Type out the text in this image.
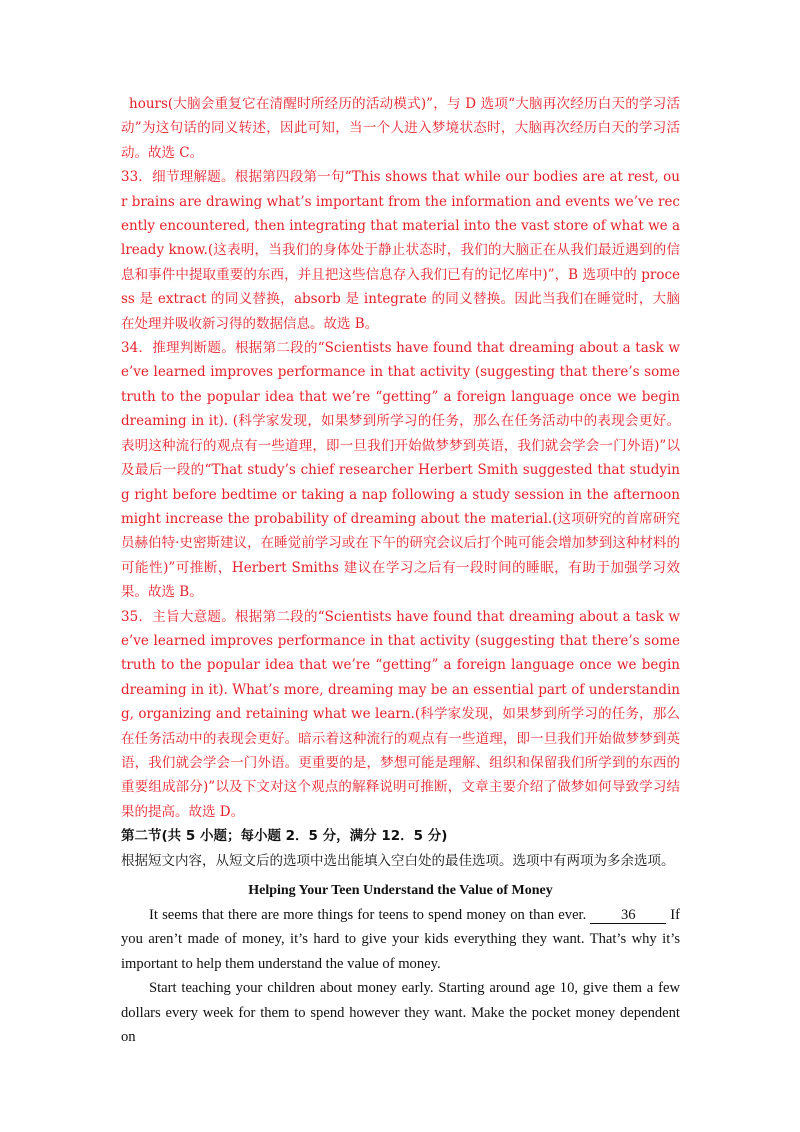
hours(大脑会重复它在清醒时所经历的活动模式)”，与 D 选项“大脑再次经历白天的学习活动”为这句话的同义转述，因此可知，当一个人进入梦境状态时，大脑再次经历白天的学习活动。故选 C。

33．细节理解题。根据第四段第一句“This shows that while our bodies are at rest, our brains are drawing what’s important from the information and events we’ve recently encountered, then integrating that material into the vast store of what we already know.(这表明，当我们的身体处于静止状态时，我们的大脑正在从我们最近遇到的信息和事件中提取重要的东西，并且把这些信息存入我们已有的记忆库中)”，B 选项中的 process 是 extract 的同义替换，absorb 是 integrate 的同义替换。因此当我们在睡觉时，大脑在处理并吸收新习得的数据信息。故选 B。

34．推理判断题。根据第二段的“Scientists have found that dreaming about a task we’ve learned improves performance in that activity (suggesting that there’s some truth to the popular idea that we’re “getting” a foreign language once we begin dreaming in it). (科学家发现，如果梦到所学习的任务，那么在任务活动中的表现会更好。表明这种流行的观点有一些道理，即一旦我们开始做梦梦到英语，我们就会学会一门外语)”以及最后一段的“That study’s chief researcher Herbert Smith suggested that studying right before bedtime or taking a nap following a study session in the afternoon might increase the probability of dreaming about the material.(这项研究的首席研究员赫伯特·史密斯建议，在睡觉前学习或在下午的研究会议后打个盹可能会增加梦到这种材料的可能性)”可推断，Herbert Smiths 建议在学习之后有一段时间的睡眠，有助于加强学习效果。故选 B。

35．主旨大意题。根据第二段的“Scientists have found that dreaming about a task we’ve learned improves performance in that activity (suggesting that there’s some truth to the popular idea that we’re “getting” a foreign language once we begin dreaming in it). What’s more, dreaming may be an essential part of understanding, organizing and retaining what we learn.(科学家发现，如果梦到所学习的任务，那么在任务活动中的表现会更好。暗示着这种流行的观点有一些道理，即一旦我们开始做梦梦到英语，我们就会学会一门外语。更重要的是，梦想可能是理解、组织和保留我们所学到的东西的重要组成部分)”以及下文对这个观点的解释说明可推断，文章主要介绍了做梦如何导致学习结果的提高。故选 D。

第二节(共 5 小题；每小题 2．5 分，满分 12．5 分)

根据短文内容，从短文后的选项中选出能填入空白处的最佳选项。选项中有两项为多余选项。

Helping Your Teen Understand the Value of Money

It seems that there are more things for teens to spend money on than ever. 36 If you aren’t made of money, it’s hard to give your kids everything they want. That’s why it’s important to help them understand the value of money.

Start teaching your children about money early. Starting around age 10, give them a few dollars every week for them to spend however they want. Make the pocket money dependent on
